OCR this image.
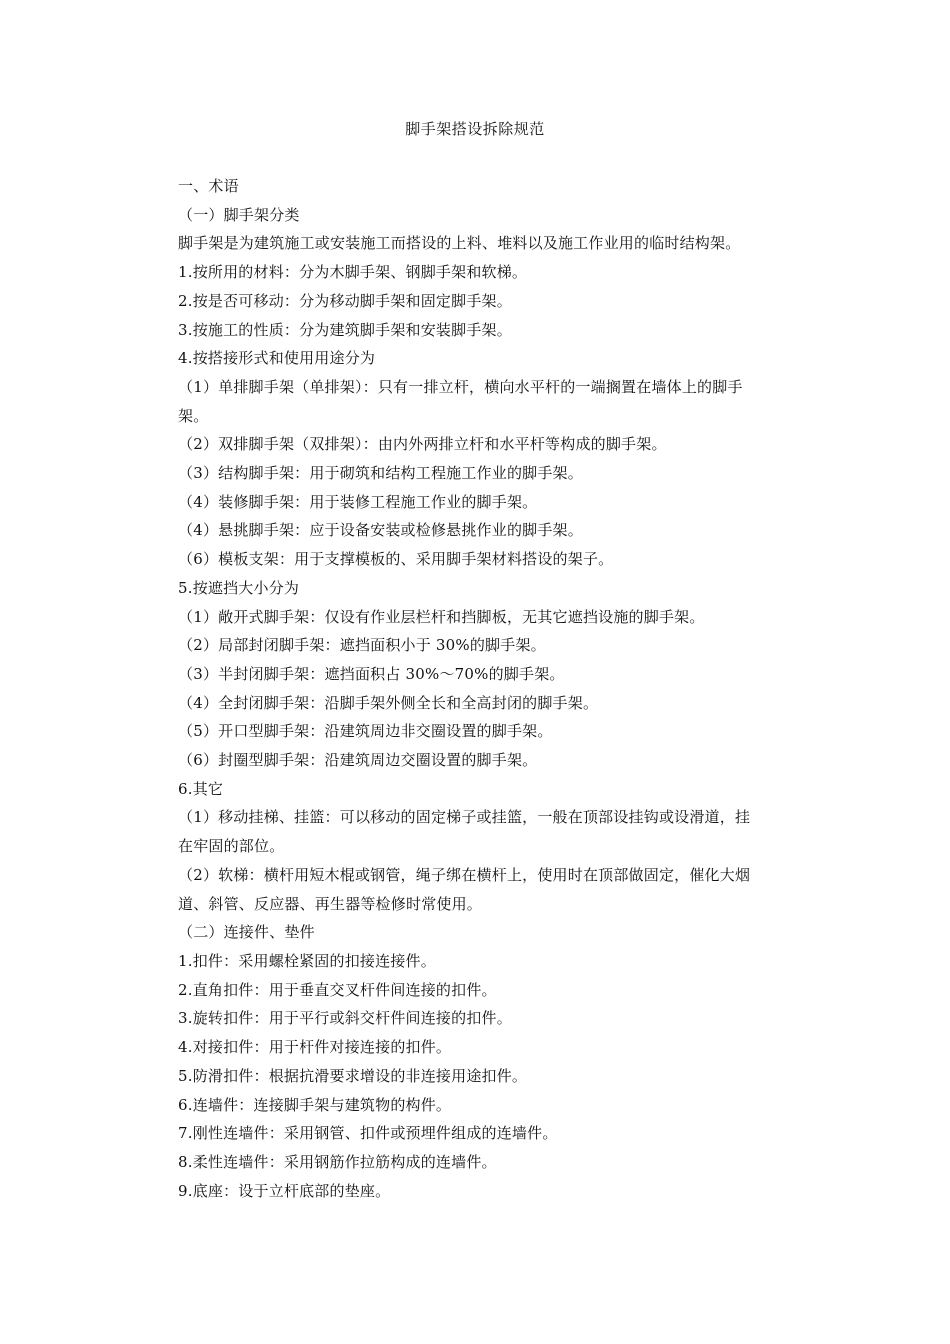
脚手架搭设拆除规范
一、术语
（一）脚手架分类
脚手架是为建筑施工或安装施工而搭设的上料、堆料以及施工作业用的临时结构架。
1.按所用的材料：分为木脚手架、钢脚手架和软梯。
2.按是否可移动：分为移动脚手架和固定脚手架。
3.按施工的性质：分为建筑脚手架和安装脚手架。
4.按搭接形式和使用用途分为
（1）单排脚手架（单排架）：只有一排立杆，横向水平杆的一端搁置在墙体上的脚手
架。
（2）双排脚手架（双排架）：由内外两排立杆和水平杆等构成的脚手架。
（3）结构脚手架：用于砌筑和结构工程施工作业的脚手架。
（4）装修脚手架：用于装修工程施工作业的脚手架。
（4）悬挑脚手架：应于设备安装或检修悬挑作业的脚手架。
（6）模板支架：用于支撑模板的、采用脚手架材料搭设的架子。
5.按遮挡大小分为
（1）敞开式脚手架：仅设有作业层栏杆和挡脚板，无其它遮挡设施的脚手架。
（2）局部封闭脚手架：遮挡面积小于 30%的脚手架。
（3）半封闭脚手架：遮挡面积占 30%～70%的脚手架。
（4）全封闭脚手架：沿脚手架外侧全长和全高封闭的脚手架。
（5）开口型脚手架：沿建筑周边非交圈设置的脚手架。
（6）封圈型脚手架：沿建筑周边交圈设置的脚手架。
6.其它
（1）移动挂梯、挂篮：可以移动的固定梯子或挂篮，一般在顶部设挂钩或设滑道，挂
在牢固的部位。
（2）软梯：横杆用短木棍或钢管，绳子绑在横杆上，使用时在顶部做固定，催化大烟
道、斜管、反应器、再生器等检修时常使用。
（二）连接件、垫件
1.扣件：采用螺栓紧固的扣接连接件。
2.直角扣件：用于垂直交叉杆件间连接的扣件。
3.旋转扣件：用于平行或斜交杆件间连接的扣件。
4.对接扣件：用于杆件对接连接的扣件。
5.防滑扣件：根据抗滑要求增设的非连接用途扣件。
6.连墙件：连接脚手架与建筑物的构件。
7.刚性连墙件：采用钢管、扣件或预埋件组成的连墙件。
8.柔性连墙件：采用钢筋作拉筋构成的连墙件。
9.底座：设于立杆底部的垫座。
